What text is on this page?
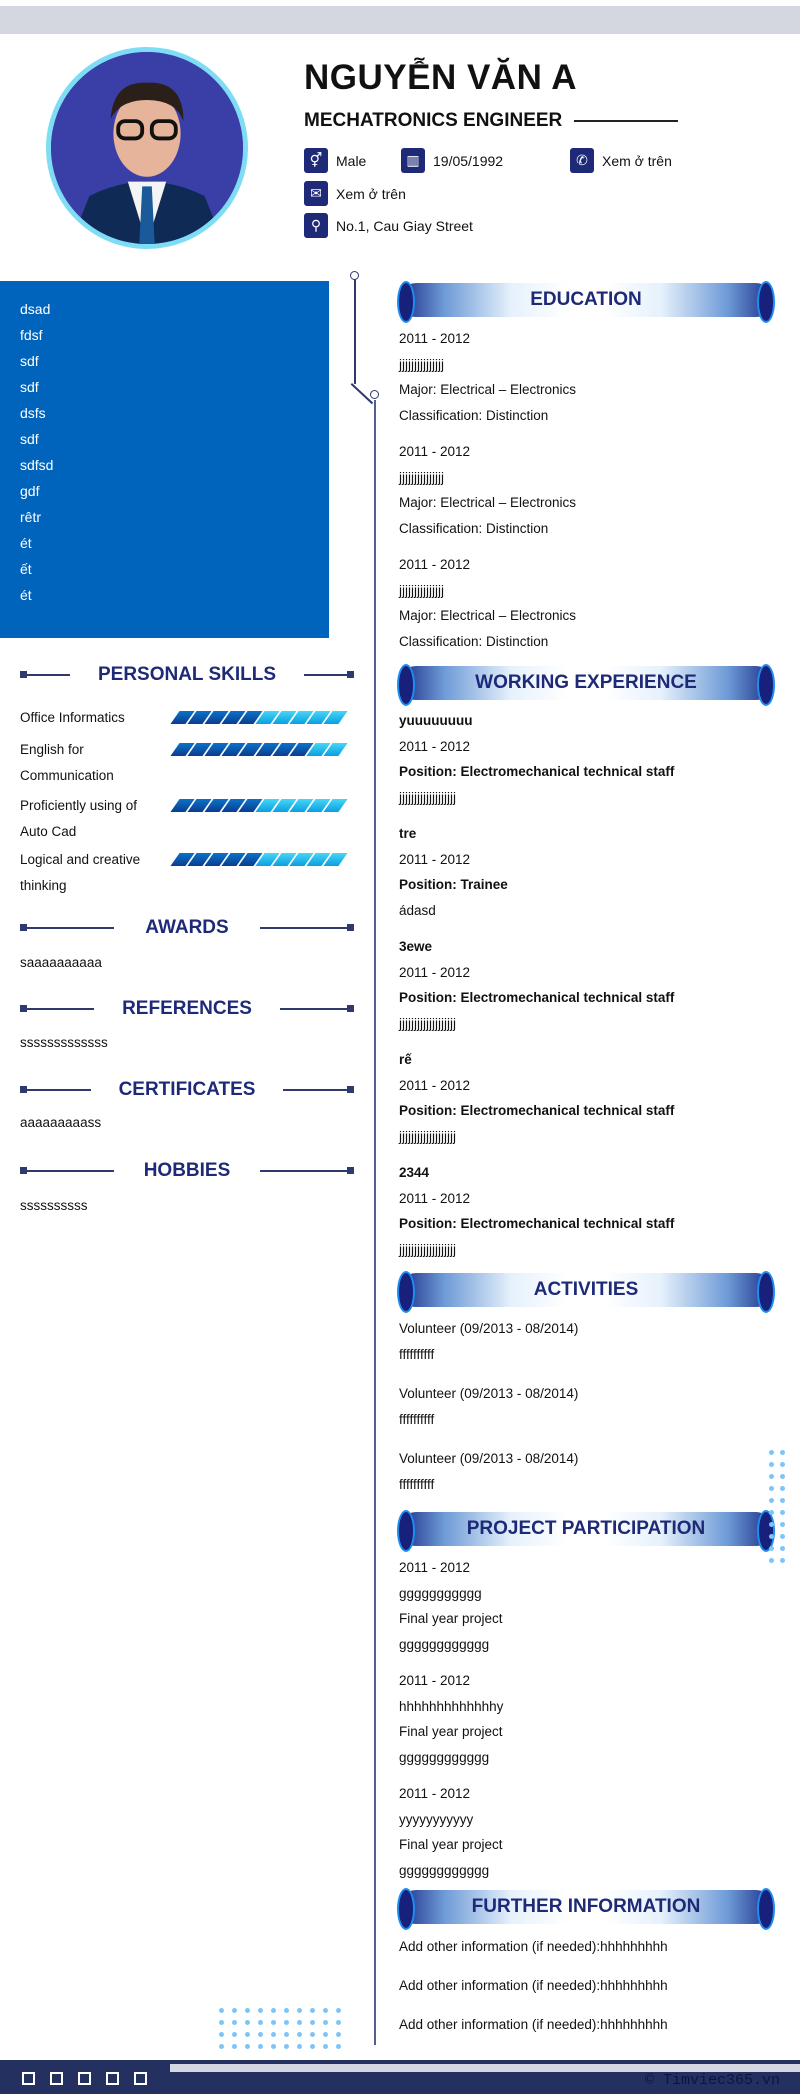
NGUYỄN VĂN A
MECHATRONICS ENGINEER
⚥ Male	▥ 19/05/1992	✆	Xem ở trên
✉	Xem ở trên
⚲	No.1, Cau Giay Street
dsad
fdsf
sdf
sdf
dsfs
sdf
sdfsd
gdf
rêtr
ét
ết
ét
PERSONAL SKILLS
Office Informatics
English for Communication
Proficiently using of Auto Cad
Logical and creative thinking
AWARDS
saaaaaaaaaa
REFERENCES
sssssssssssss
CERTIFICATES
aaaaaaaaass
HOBBIES
ssssssssss
EDUCATION
2011 - 2012
jjjjjjjjjjjjjjj
Major: Electrical – Electronics
Classification: Distinction
2011 - 2012
jjjjjjjjjjjjjjj
Major: Electrical – Electronics
Classification: Distinction
2011 - 2012
jjjjjjjjjjjjjjj
Major: Electrical – Electronics
Classification: Distinction
WORKING EXPERIENCE
yuuuuuuuu
2011 - 2012
Position: Electromechanical technical staff
jjjjjjjjjjjjjjjjjjj
tre
2011 - 2012
Position: Trainee
ádasd
3ewe
2011 - 2012
Position: Electromechanical technical staff
jjjjjjjjjjjjjjjjjjj
rế
2011 - 2012
Position: Electromechanical technical staff
jjjjjjjjjjjjjjjjjjj
2344
2011 - 2012
Position: Electromechanical technical staff
jjjjjjjjjjjjjjjjjjj
ACTIVITIES
Volunteer (09/2013 - 08/2014)
ffffffffff
Volunteer (09/2013 - 08/2014)
ffffffffff
Volunteer (09/2013 - 08/2014)
ffffffffff
PROJECT PARTICIPATION
2011 - 2012
ggggggggggg
Final year project
gggggggggggg
2011 - 2012
hhhhhhhhhhhhhy
Final year project
gggggggggggg
2011 - 2012
yyyyyyyyyyy
Final year project
gggggggggggg
FURTHER INFORMATION
Add other information (if needed):hhhhhhhhh
Add other information (if needed):hhhhhhhhh
Add other information (if needed):hhhhhhhhh
© Timviec365.vn
